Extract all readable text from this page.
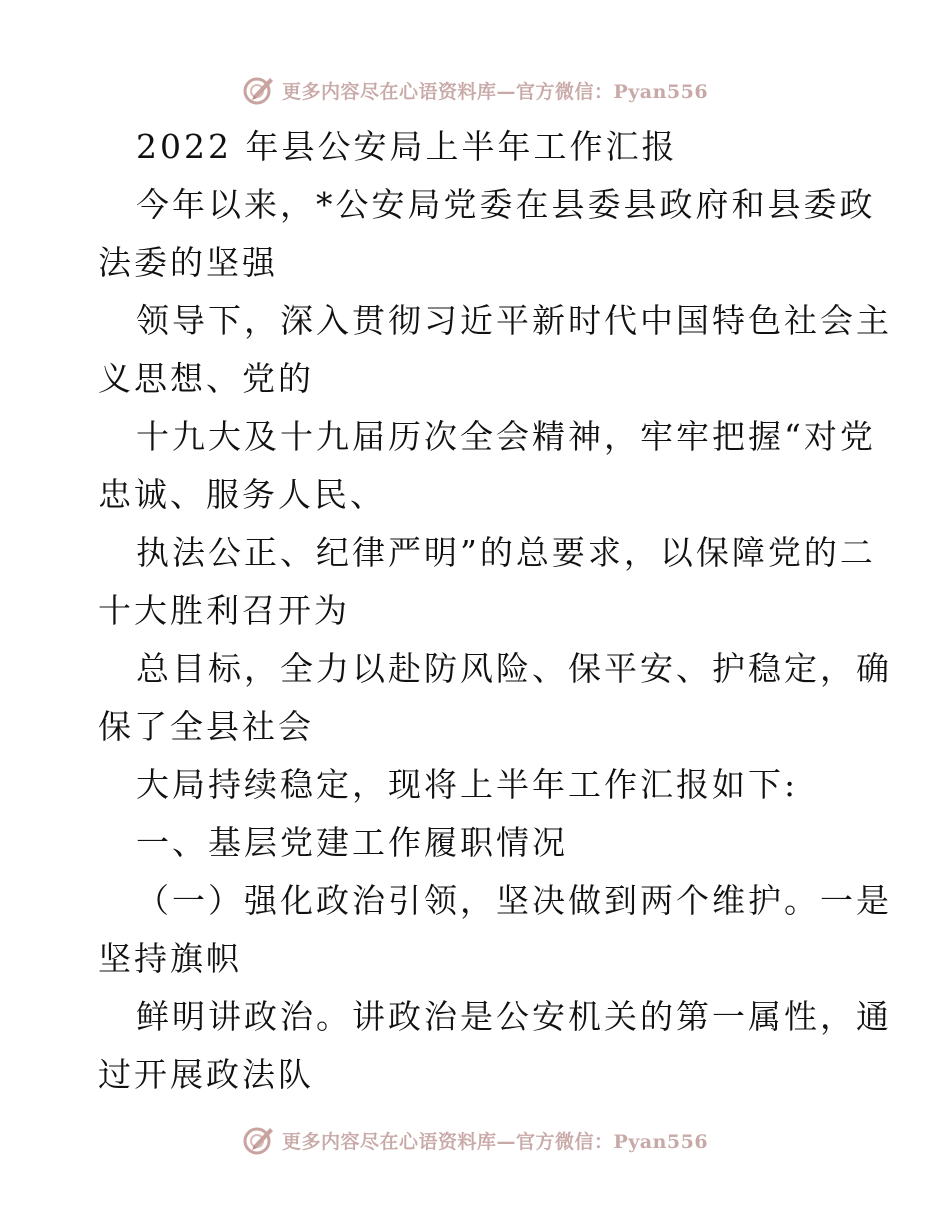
更多内容尽在心语资料库—官方微信：Pyan556
2022 年县公安局上半年工作汇报
今年以来，*公安局党委在县委县政府和县委政
法委的坚强
领导下，深入贯彻习近平新时代中国特色社会主
义思想、党的
十九大及十九届历次全会精神，牢牢把握“对党
忠诚、服务人民、
执法公正、纪律严明”的总要求，以保障党的二
十大胜利召开为
总目标，全力以赴防风险、保平安、护稳定，确
保了全县社会
大局持续稳定，现将上半年工作汇报如下:
一、基层党建工作履职情况
（一）强化政治引领，坚决做到两个维护。一是
坚持旗帜
鲜明讲政治。讲政治是公安机关的第一属性，通
过开展政法队
更多内容尽在心语资料库—官方微信：Pyan556
